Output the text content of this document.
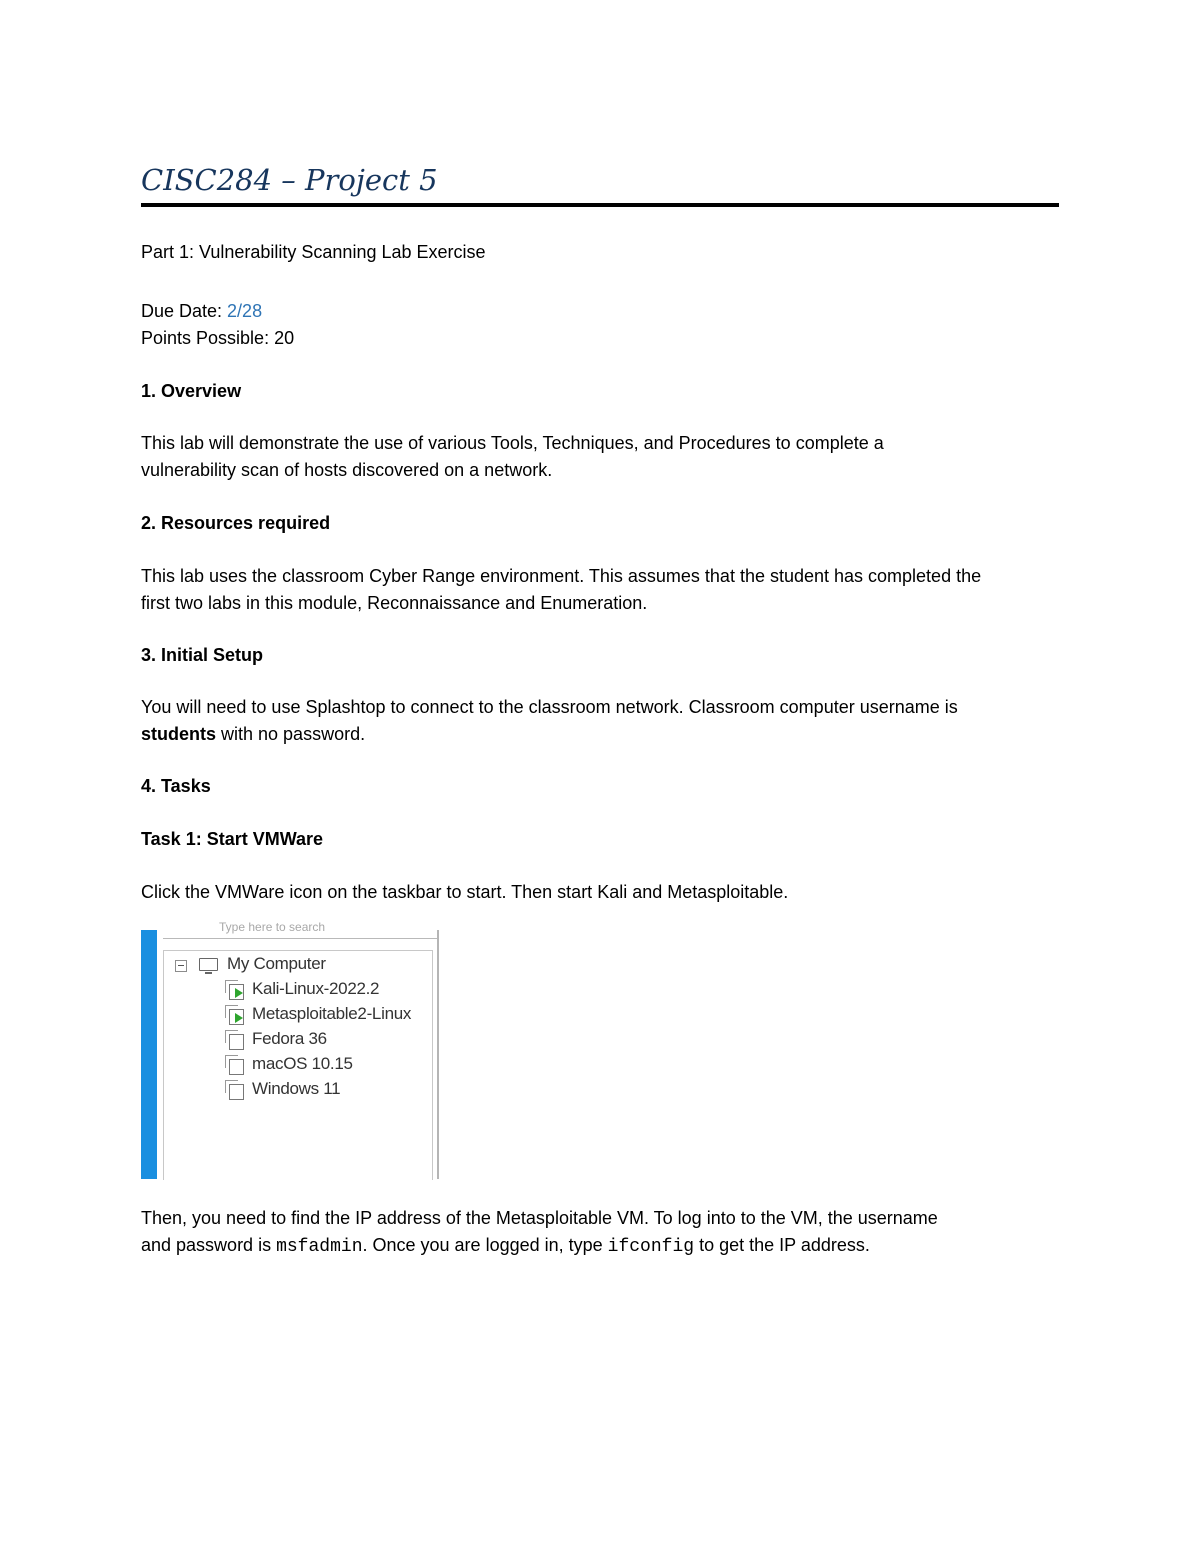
CISC284 – Project 5
Part 1: Vulnerability Scanning Lab Exercise
Due Date: 2/28
Points Possible: 20
1. Overview
This lab will demonstrate the use of various Tools, Techniques, and Procedures to complete a
vulnerability scan of hosts discovered on a network.
2. Resources required
This lab uses the classroom Cyber Range environment. This assumes that the student has completed the
first two labs in this module, Reconnaissance and Enumeration.
3. Initial Setup
You will need to use Splashtop to connect to the classroom network. Classroom computer username is
students with no password.
4. Tasks
Task 1: Start VMWare
Click the VMWare icon on the taskbar to start. Then start Kali and Metasploitable.
Type here to search
My Computer
Kali-Linux-2022.2
Metasploitable2-Linux
Fedora 36
macOS 10.15
Windows 11
Then, you need to find the IP address of the Metasploitable VM. To log into to the VM, the username
and password is msfadmin. Once you are logged in, type ifconfig to get the IP address.
